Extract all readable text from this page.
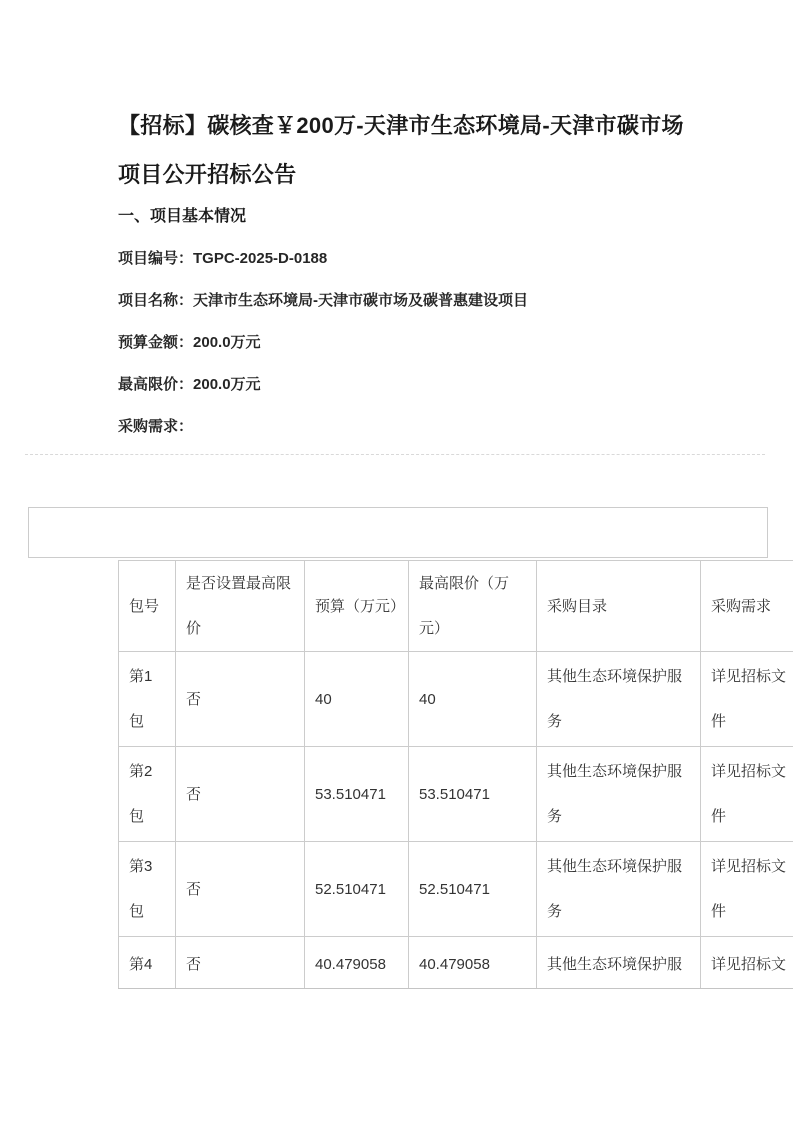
【招标】碳核查￥200万-天津市生态环境局-天津市碳市场项目公开招标公告

一、项目基本情况

项目编号：TGPC-2025-D-0188

项目名称：天津市生态环境局-天津市碳市场及碳普惠建设项目

预算金额：200.0万元

最高限价：200.0万元

采购需求：

包号	是否设置最高限价	预算（万元）	最高限价（万元）	采购目录	采购需求
第1包	否	40	40	其他生态环境保护服务	详见招标文件
第2包	否	53.510471	53.510471	其他生态环境保护服务	详见招标文件
第3包	否	52.510471	52.510471	其他生态环境保护服务	详见招标文件
第4	否	40.479058	40.479058	其他生态环境保护服	详见招标文
